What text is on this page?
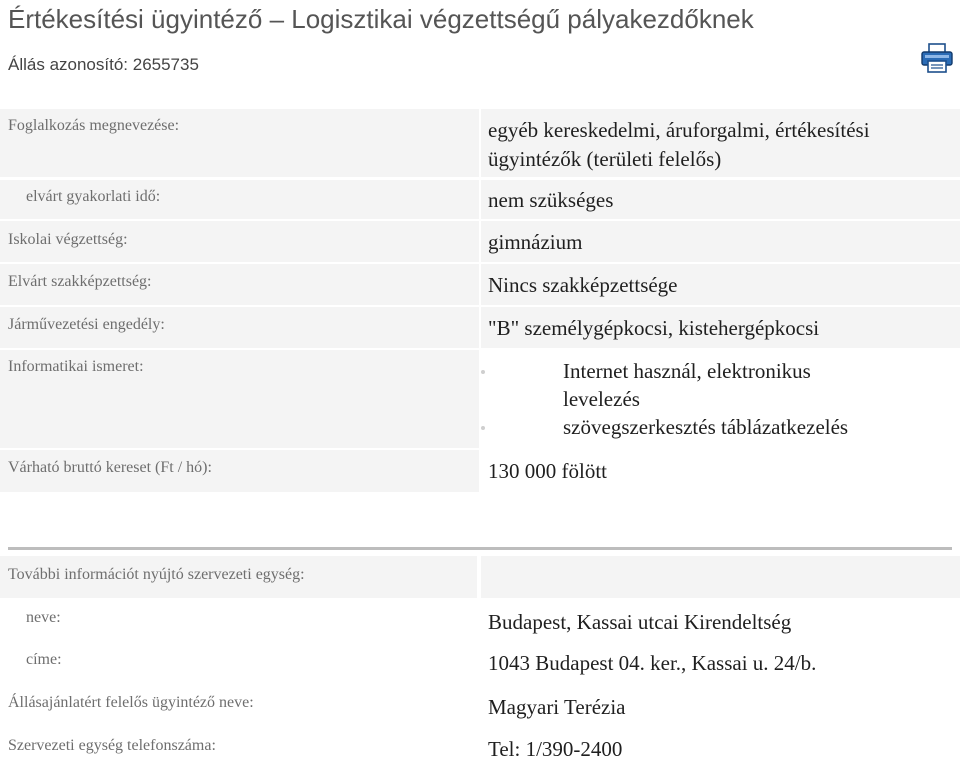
Értékesítési ügyintéző – Logisztikai végzettségű pályakezdőknek
Állás azonosító: 2655735
Foglalkozás megnevezése:	egyéb kereskedelmi, áruforgalmi, értékesítési ügyintézők (területi felelős)
elvárt gyakorlati idő:	nem szükséges
Iskolai végzettség:	gimnázium
Elvárt szakképzettség:	Nincs szakképzettsége
Járművezetési engedély:	"B" személygépkocsi, kistehergépkocsi
Informatikai ismeret:	Internet használ, elektronikus levelezés
szövegszerkesztés táblázatkezelés
Várható bruttó kereset (Ft / hó):	130 000 fölött
További információt nyújtó szervezeti egység:
neve:	Budapest, Kassai utcai Kirendeltség
címe:	1043 Budapest 04. ker., Kassai u. 24/b.
Állásajánlatért felelős ügyintéző neve:	Magyari Terézia
Szervezeti egység telefonszáma:	Tel: 1/390-2400
